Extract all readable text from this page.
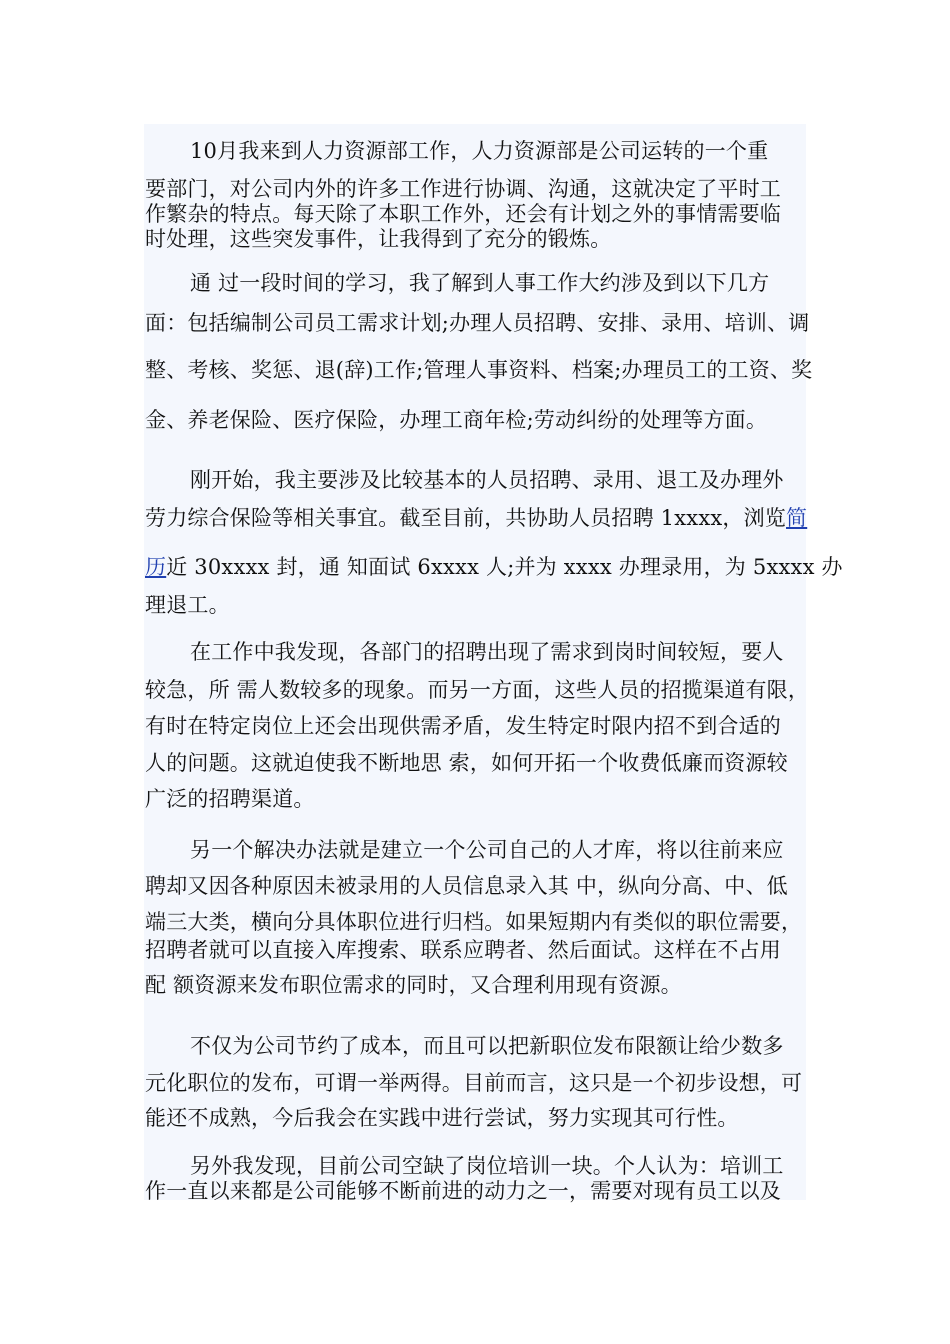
10月我来到人力资源部工作，人力资源部是公司运转的一个重
要部门，对公司内外的许多工作进行协调、沟通，这就决定了平时工
作繁杂的特点。每天除了本职工作外，还会有计划之外的事情需要临
时处理，这些突发事件，让我得到了充分的锻炼。
通 过一段时间的学习，我了解到人事工作大约涉及到以下几方
面：包括编制公司员工需求计划;办理人员招聘、安排、录用、培训、调
整、考核、奖惩、退(辞)工作;管理人事资料、档案;办理员工的工资、奖
金、养老保险、医疗保险，办理工商年检;劳动纠纷的处理等方面。
刚开始，我主要涉及比较基本的人员招聘、录用、退工及办理外
劳力综合保险等相关事宜。截至目前，共协助人员招聘 1xxxx，浏览简
历近 30xxxx 封，通 知面试 6xxxx 人;并为 xxxx 办理录用，为 5xxxx 办
理退工。
在工作中我发现，各部门的招聘出现了需求到岗时间较短，要人
较急，所 需人数较多的现象。而另一方面，这些人员的招揽渠道有限，
有时在特定岗位上还会出现供需矛盾，发生特定时限内招不到合适的
人的问题。这就迫使我不断地思 索，如何开拓一个收费低廉而资源较
广泛的招聘渠道。
另一个解决办法就是建立一个公司自己的人才库，将以往前来应
聘却又因各种原因未被录用的人员信息录入其 中，纵向分高、中、低
端三大类，横向分具体职位进行归档。如果短期内有类似的职位需要，
招聘者就可以直接入库搜索、联系应聘者、然后面试。这样在不占用
配 额资源来发布职位需求的同时，又合理利用现有资源。
不仅为公司节约了成本，而且可以把新职位发布限额让给少数多
元化职位的发布，可谓一举两得。目前而言，这只是一个初步设想，可
能还不成熟，今后我会在实践中进行尝试，努力实现其可行性。
另外我发现，目前公司空缺了岗位培训一块。个人认为：培训工
作一直以来都是公司能够不断前进的动力之一，需要对现有员工以及
